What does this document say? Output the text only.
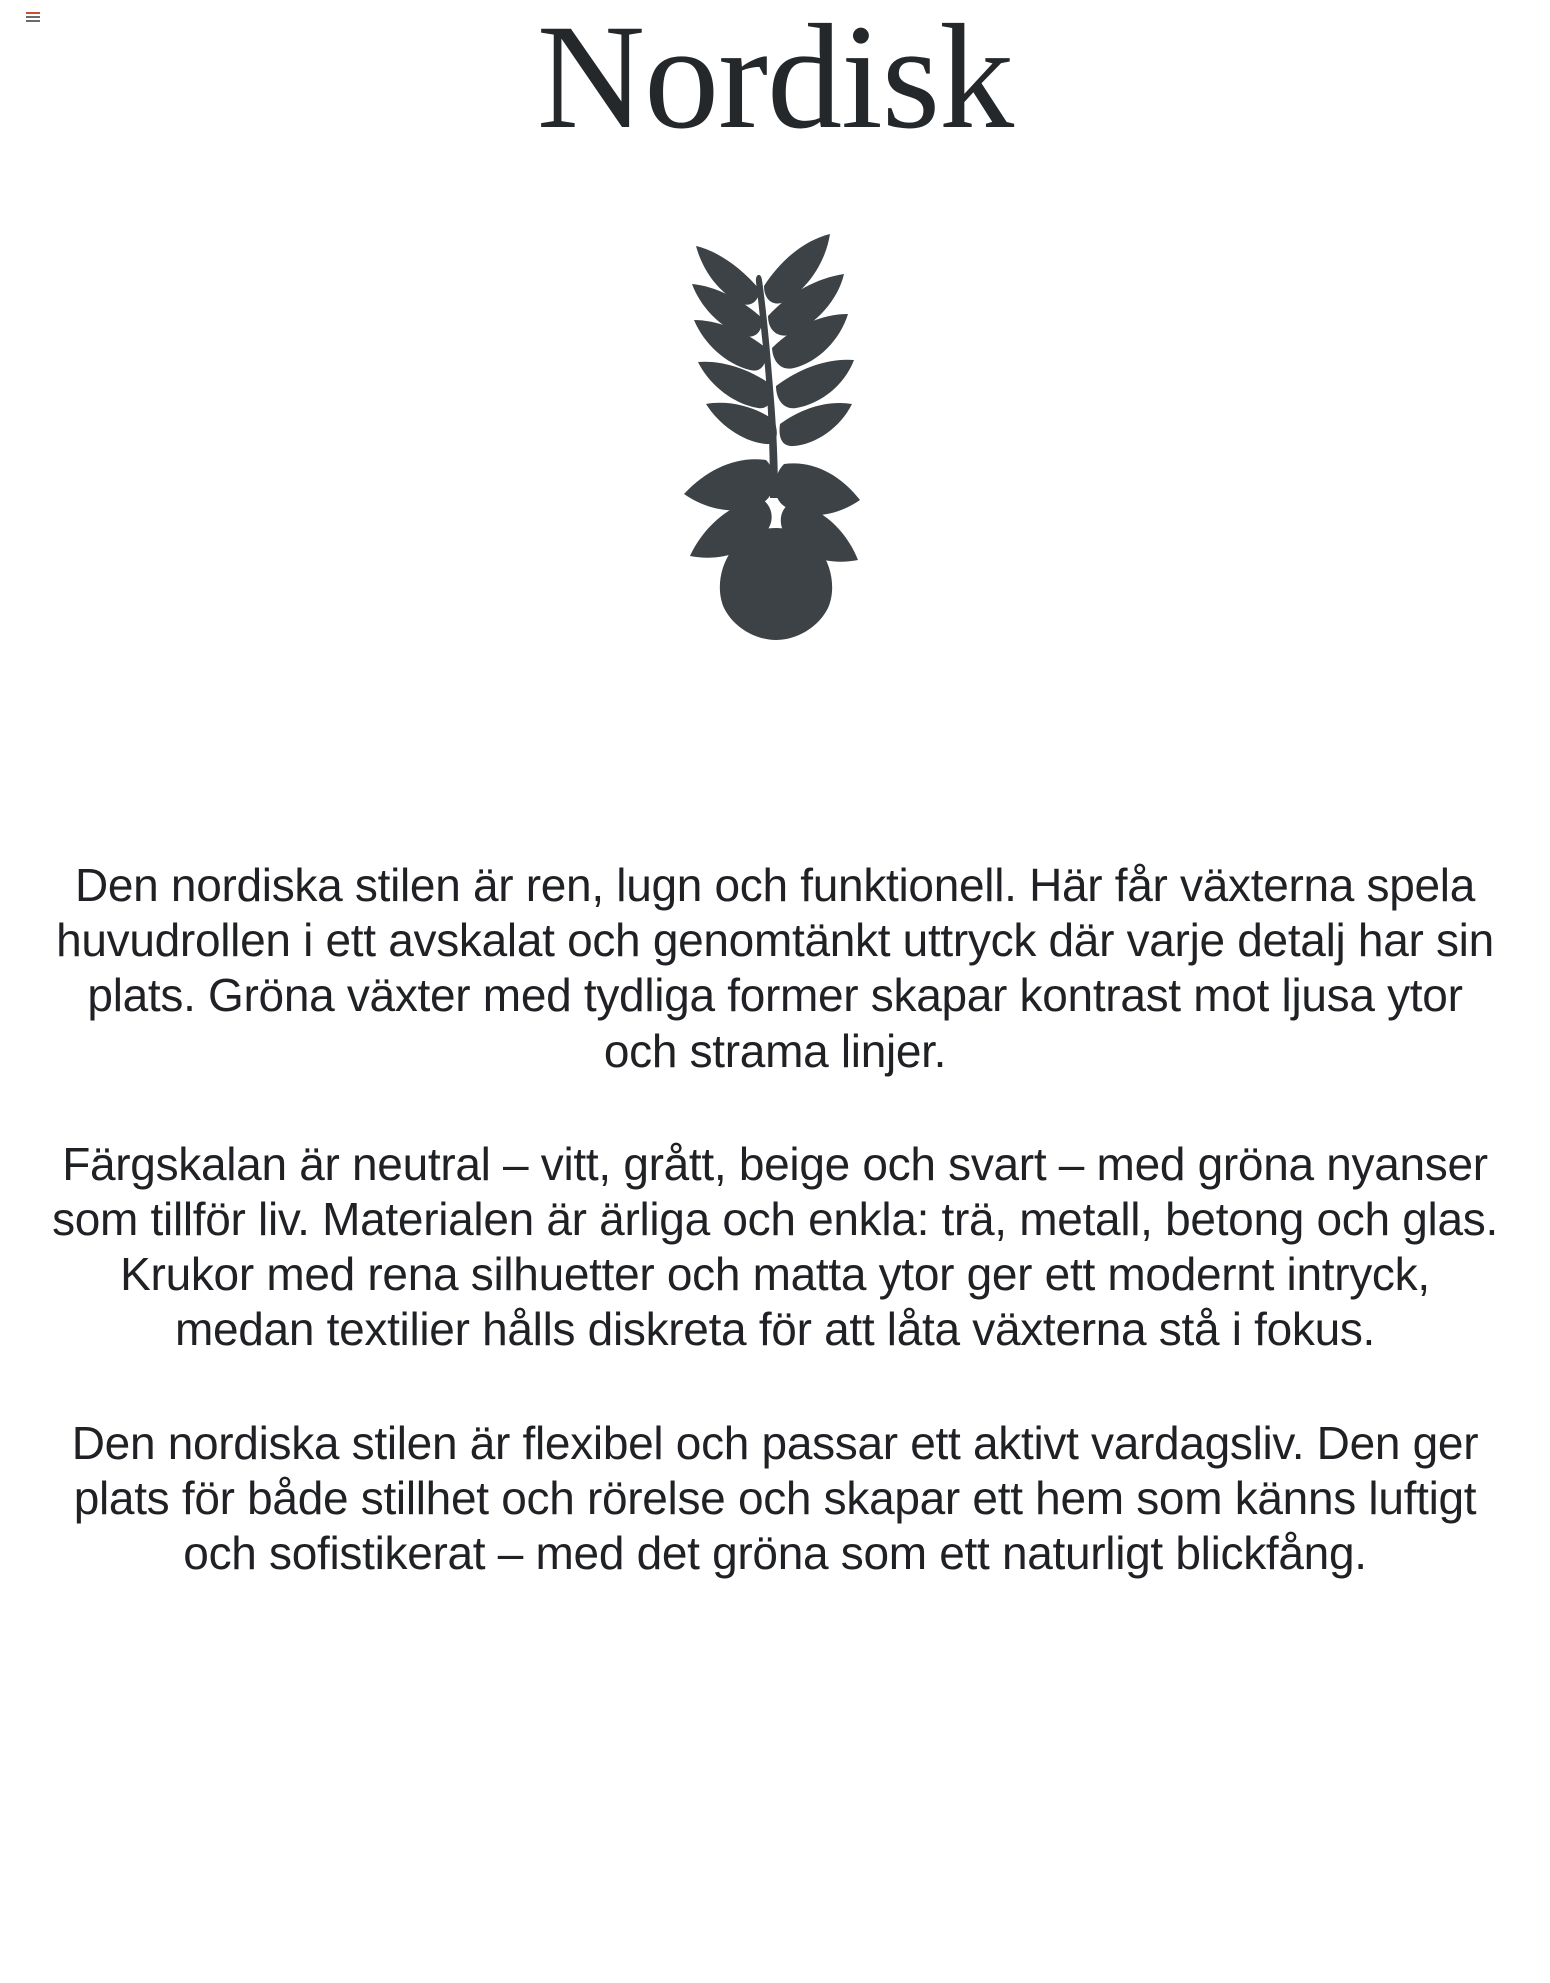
Nordisk

Den nordiska stilen är ren, lugn och funktionell. Här får växterna spela huvudrollen i ett avskalat och genomtänkt uttryck där varje detalj har sin plats. Gröna växter med tydliga former skapar kontrast mot ljusa ytor och strama linjer.

Färgskalan är neutral – vitt, grått, beige och svart – med gröna nyanser som tillför liv. Materialen är ärliga och enkla: trä, metall, betong och glas. Krukor med rena silhuetter och matta ytor ger ett modernt intryck, medan textilier hålls diskreta för att låta växterna stå i fokus.

Den nordiska stilen är flexibel och passar ett aktivt vardagsliv. Den ger plats för både stillhet och rörelse och skapar ett hem som känns luftigt och sofistikerat – med det gröna som ett naturligt blickfång.
